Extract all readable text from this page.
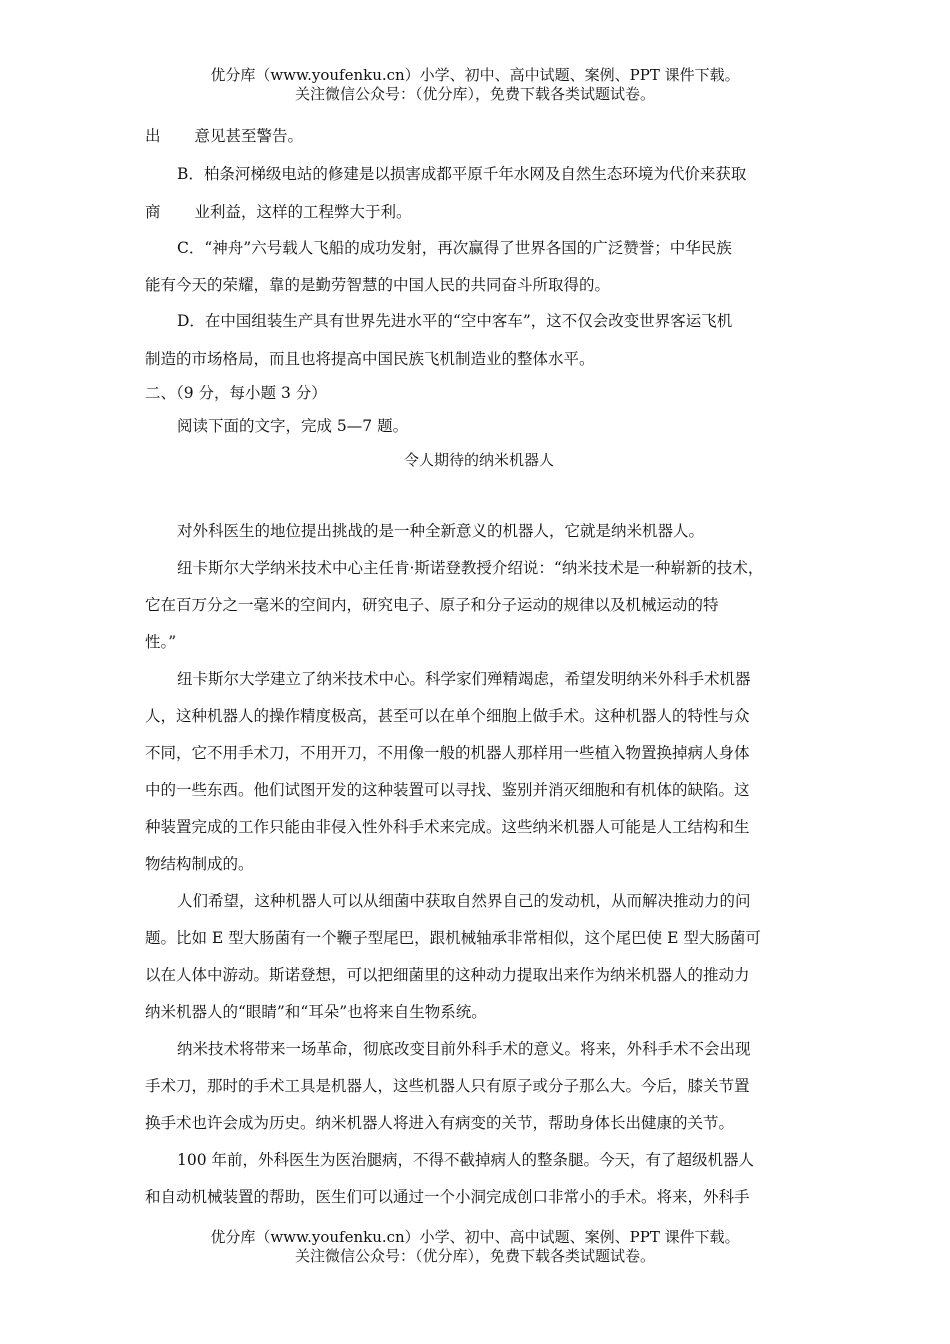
优分库（www.youfenku.cn）小学、初中、高中试题、案例、PPT 课件下载。
关注微信公众号：（优分库），免费下载各类试题试卷。

出 意见甚至警告。

B．柏条河梯级电站的修建是以损害成都平原千年水网及自然生态环境为代价来获取

商 业利益，这样的工程弊大于利。

C．“神舟”六号载人飞船的成功发射，再次赢得了世界各国的广泛赞誉；中华民族

能有今天的荣耀，靠的是勤劳智慧的中国人民的共同奋斗所取得的。

D．在中国组装生产具有世界先进水平的“空中客车”，这不仅会改变世界客运飞机

制造的市场格局，而且也将提高中国民族飞机制造业的整体水平。

二、（9 分，每小题 3 分）

阅读下面的文字，完成 5—7 题。

令人期待的纳米机器人

对外科医生的地位提出挑战的是一种全新意义的机器人，它就是纳米机器人。

纽卡斯尔大学纳米技术中心主任肯·斯诺登教授介绍说：“纳米技术是一种崭新的技术，

它在百万分之一毫米的空间内，研究电子、原子和分子运动的规律以及机械运动的特

性。”

纽卡斯尔大学建立了纳米技术中心。科学家们殚精竭虑，希望发明纳米外科手术机器

人，这种机器人的操作精度极高，甚至可以在单个细胞上做手术。这种机器人的特性与众

不同，它不用手术刀，不用开刀，不用像一般的机器人那样用一些植入物置换掉病人身体

中的一些东西。他们试图开发的这种装置可以寻找、鉴别并消灭细胞和有机体的缺陷。这

种装置完成的工作只能由非侵入性外科手术来完成。这些纳米机器人可能是人工结构和生

物结构制成的。

人们希望，这种机器人可以从细菌中获取自然界自己的发动机，从而解决推动力的问

题。比如 E 型大肠菌有一个鞭子型尾巴，跟机械轴承非常相似，这个尾巴使 E 型大肠菌可

以在人体中游动。斯诺登想，可以把细菌里的这种动力提取出来作为纳米机器人的推动力

纳米机器人的“眼睛”和“耳朵”也将来自生物系统。

纳米技术将带来一场革命，彻底改变目前外科手术的意义。将来，外科手术不会出现

手术刀，那时的手术工具是机器人，这些机器人只有原子或分子那么大。今后，膝关节置

换手术也许会成为历史。纳米机器人将进入有病变的关节，帮助身体长出健康的关节。

100 年前，外科医生为医治腿病，不得不截掉病人的整条腿。今天，有了超级机器人

和自动机械装置的帮助，医生们可以通过一个小洞完成创口非常小的手术。将来，外科手

优分库（www.youfenku.cn）小学、初中、高中试题、案例、PPT 课件下载。
关注微信公众号：（优分库），免费下载各类试题试卷。
